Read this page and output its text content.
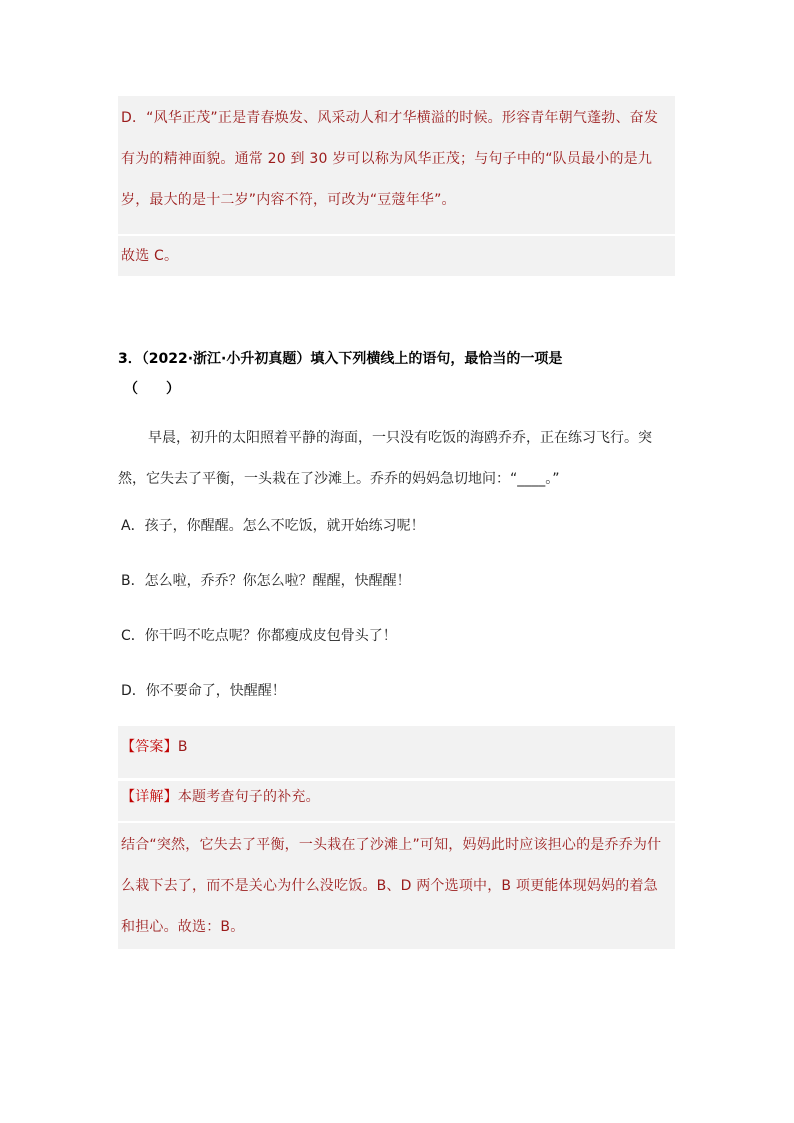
D．“风华正茂”正是青春焕发、风采动人和才华横溢的时候。形容青年朝气蓬勃、奋发有为的精神面貌。通常 20 到 30 岁可以称为风华正茂；与句子中的“队员最小的是九岁，最大的是十二岁”内容不符，可改为“豆蔻年华”。
故选 C。
3．（2022·浙江·小升初真题）填入下列横线上的语句，最恰当的一项是
（　　）
早晨，初升的太阳照着平静的海面，一只没有吃饭的海鸥乔乔，正在练习飞行。突然，它失去了平衡，一头栽在了沙滩上。乔乔的妈妈急切地问：“____。”
A．孩子，你醒醒。怎么不吃饭，就开始练习呢！
B．怎么啦，乔乔？你怎么啦？醒醒，快醒醒！
C．你干吗不吃点呢？你都瘦成皮包骨头了！
D．你不要命了，快醒醒！
【答案】B
【详解】本题考查句子的补充。
结合“突然，它失去了平衡，一头栽在了沙滩上”可知，妈妈此时应该担心的是乔乔为什么栽下去了，而不是关心为什么没吃饭。B、D 两个选项中，B 项更能体现妈妈的着急和担心。故选：B。
